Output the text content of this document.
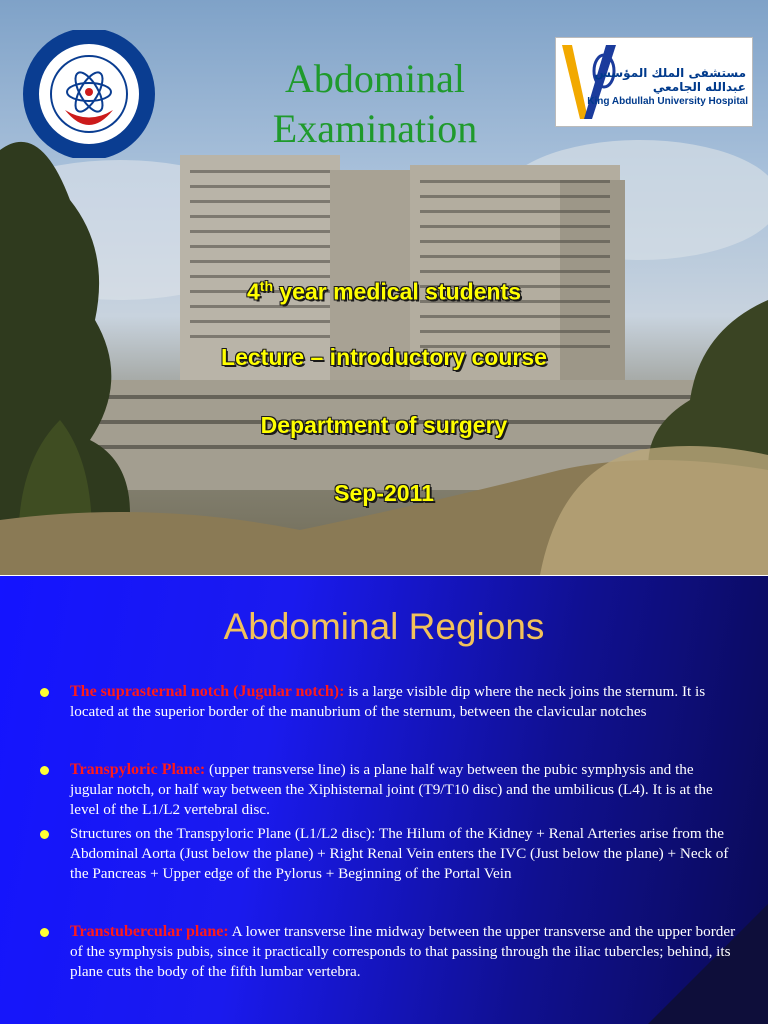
Abdominal Examination
مستشفى الملك المؤسس عبدالله الجامعي
King Abdullah University Hospital
4th year medical students
Lecture – introductory course
Department of surgery
Sep-2011
Abdominal Regions
The suprasternal notch (Jugular notch): is a large visible dip where the neck joins the sternum. It is located at the superior border of the manubrium of the sternum, between the clavicular notches
Transpyloric Plane: (upper transverse line) is a plane half way between the pubic symphysis and the jugular notch, or half way between the Xiphisternal joint (T9/T10 disc) and the umbilicus (L4). It is at the level of the L1/L2 vertebral disc.
Structures on the Transpyloric Plane (L1/L2 disc): The Hilum of the Kidney + Renal Arteries arise from the Abdominal Aorta (Just below the plane) + Right Renal Vein enters the IVC (Just below the plane) + Neck of the Pancreas + Upper edge of the Pylorus + Beginning of the Portal Vein
Transtubercular plane: A lower transverse line midway between the upper transverse and the upper border of the symphysis pubis, since it practically corresponds to that passing through the iliac tubercles; behind, its plane cuts the body of the fifth lumbar vertebra.
